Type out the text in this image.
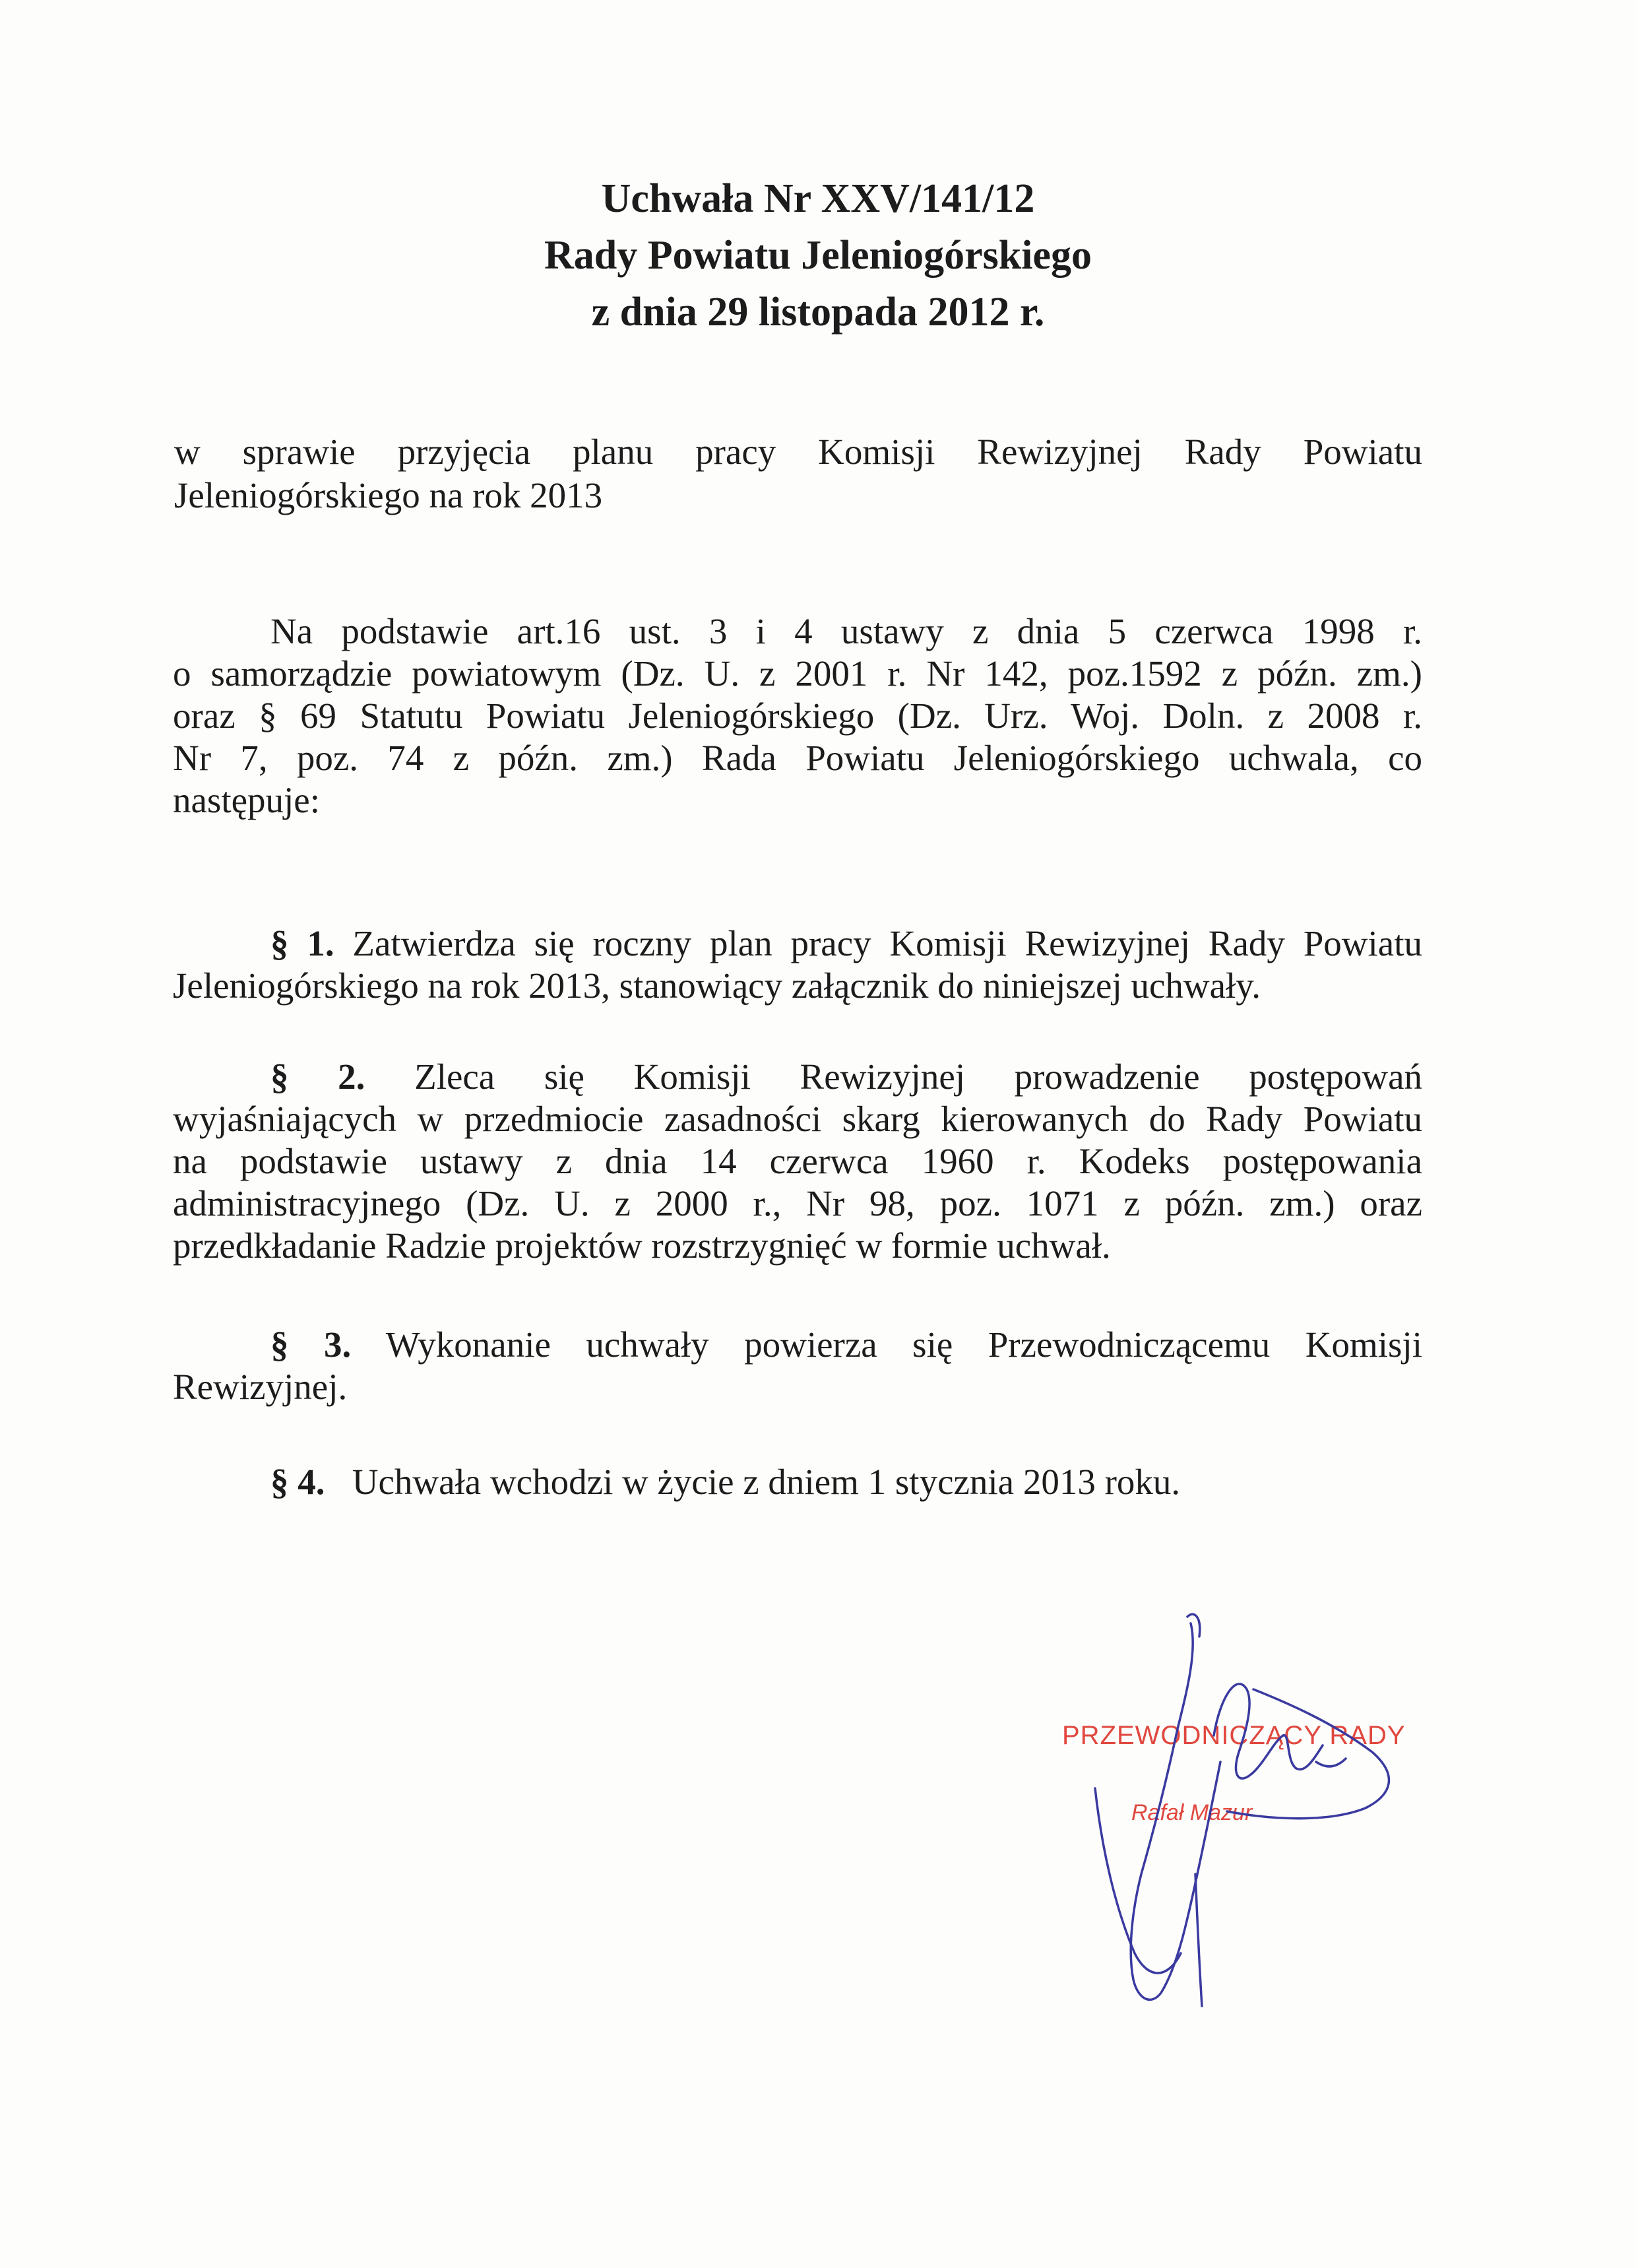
Uchwała Nr XXV/141/12
Rady Powiatu Jeleniogórskiego
z dnia 29 listopada 2012 r.
w sprawie przyjęcia planu pracy Komisji Rewizyjnej Rady Powiatu
Jeleniogórskiego na rok 2013
Na podstawie art.16 ust. 3 i 4 ustawy z dnia 5 czerwca 1998 r.
o samorządzie powiatowym (Dz. U. z 2001 r. Nr 142, poz.1592 z późn. zm.)
oraz § 69 Statutu Powiatu Jeleniogórskiego (Dz. Urz. Woj. Doln. z 2008 r.
Nr 7, poz. 74 z późn. zm.) Rada Powiatu Jeleniogórskiego uchwala, co
następuje:
§ 1. Zatwierdza się roczny plan pracy Komisji Rewizyjnej Rady Powiatu
Jeleniogórskiego na rok 2013, stanowiący załącznik do niniejszej uchwały.
§ 2. Zleca się Komisji Rewizyjnej prowadzenie postępowań
wyjaśniających w przedmiocie zasadności skarg kierowanych do Rady Powiatu
na podstawie ustawy z dnia 14 czerwca 1960 r. Kodeks postępowania
administracyjnego (Dz. U. z 2000 r., Nr 98, poz. 1071 z późn. zm.) oraz
przedkładanie Radzie projektów rozstrzygnięć w formie uchwał.
§ 3. Wykonanie uchwały powierza się Przewodniczącemu Komisji
Rewizyjnej.
§ 4. Uchwała wchodzi w życie z dniem 1 stycznia 2013 roku.
PRZEWODNICZĄCY RADY
Rafał Mazur
